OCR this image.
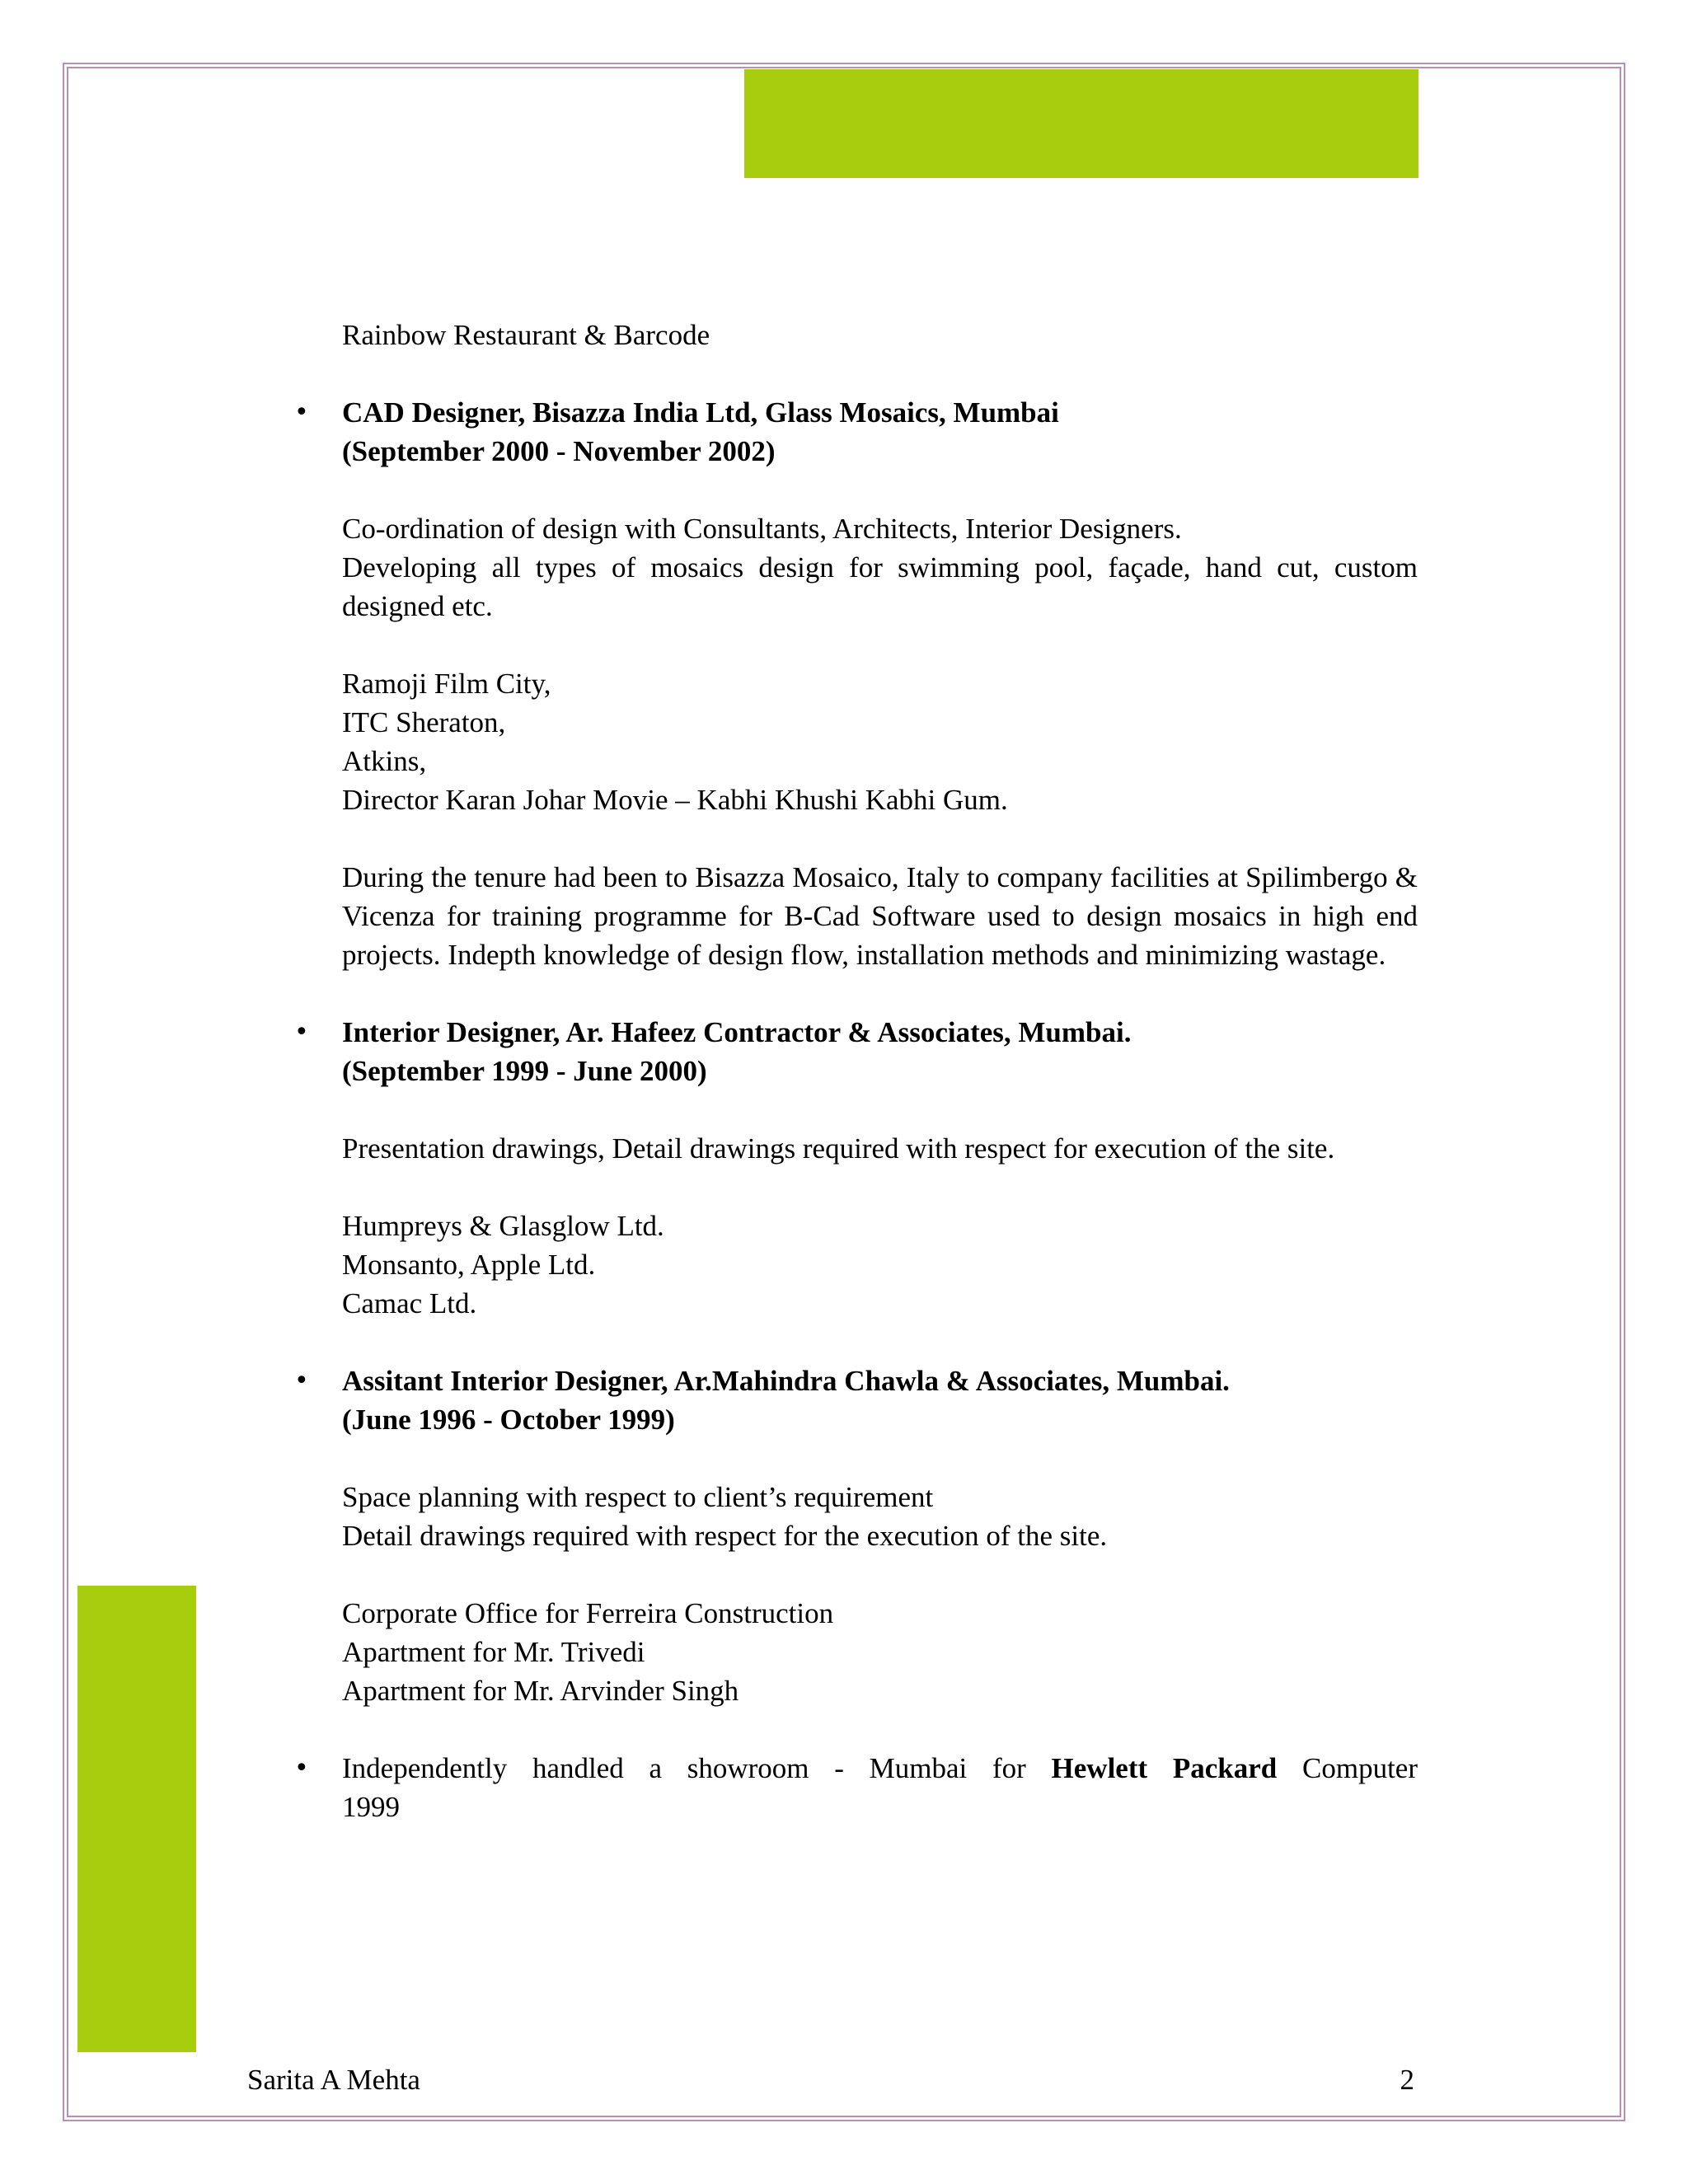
Rainbow Restaurant & Barcode
• CAD Designer, Bisazza India Ltd, Glass Mosaics, Mumbai
(September 2000 - November 2002)
Co-ordination of design with Consultants, Architects, Interior Designers.
Developing all types of mosaics design for swimming pool, façade, hand cut, custom designed etc.
Ramoji Film City,
ITC Sheraton,
Atkins,
Director Karan Johar Movie – Kabhi Khushi Kabhi Gum.
During the tenure had been to Bisazza Mosaico, Italy to company facilities at Spilimbergo & Vicenza for training programme for B-Cad Software used to design mosaics in high end projects. Indepth knowledge of design flow, installation methods and minimizing wastage.
• Interior Designer, Ar. Hafeez Contractor & Associates, Mumbai.
(September 1999 - June 2000)
Presentation drawings, Detail drawings required with respect for execution of the site.
Humpreys & Glasglow Ltd.
Monsanto, Apple Ltd.
Camac Ltd.
• Assitant Interior Designer, Ar.Mahindra Chawla & Associates, Mumbai.
(June 1996 - October 1999)
Space planning with respect to client’s requirement
Detail drawings required with respect for the execution of the site.
Corporate Office for Ferreira Construction
Apartment for Mr. Trivedi
Apartment for Mr. Arvinder Singh
• Independently handled a showroom - Mumbai for Hewlett Packard Computer
1999
Sarita A Mehta	2
